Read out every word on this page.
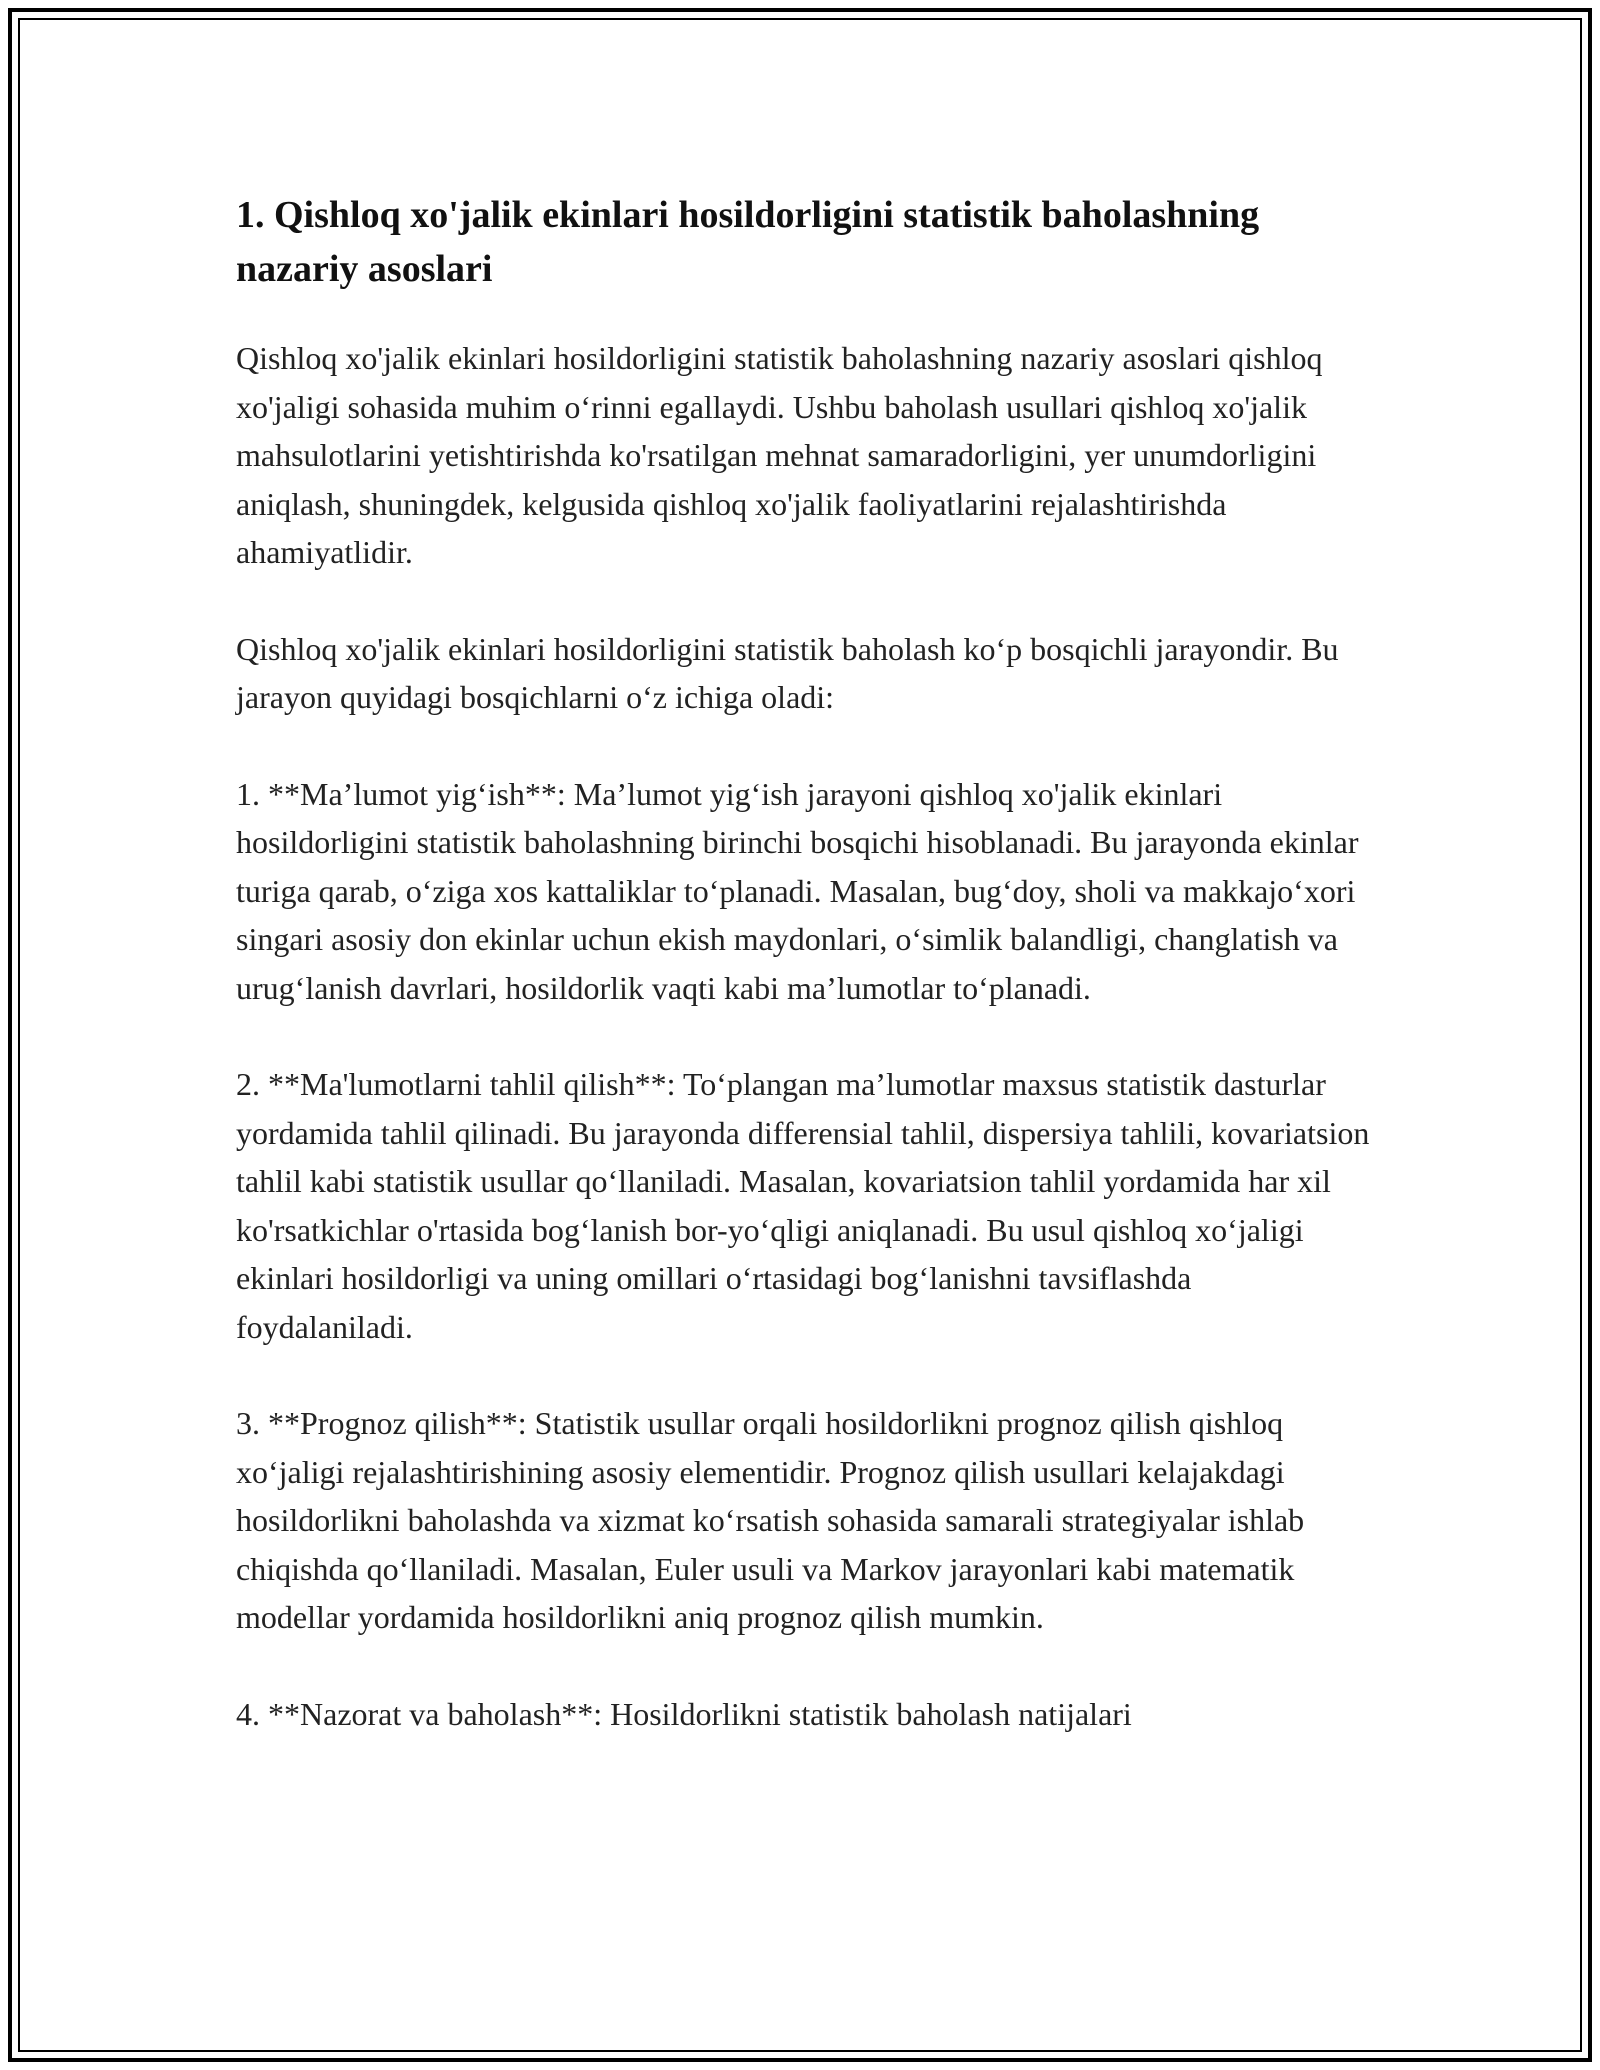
1. Qishloq xo'jalik ekinlari hosildorligini statistik baholashning nazariy asoslari

Qishloq xo'jalik ekinlari hosildorligini statistik baholashning nazariy asoslari qishloq xo'jaligi sohasida muhim o‘rinni egallaydi. Ushbu baholash usullari qishloq xo'jalik mahsulotlarini yetishtirishda ko'rsatilgan mehnat samaradorligini, yer unumdorligini aniqlash, shuningdek, kelgusida qishloq xo'jalik faoliyatlarini rejalashtirishda ahamiyatlidir.

Qishloq xo'jalik ekinlari hosildorligini statistik baholash ko‘p bosqichli jarayondir. Bu jarayon quyidagi bosqichlarni o‘z ichiga oladi:

1. **Ma’lumot yig‘ish**: Ma’lumot yig‘ish jarayoni qishloq xo'jalik ekinlari hosildorligini statistik baholashning birinchi bosqichi hisoblanadi. Bu jarayonda ekinlar turiga qarab, o‘ziga xos kattaliklar to‘planadi. Masalan, bug‘doy, sholi va makkajo‘xori singari asosiy don ekinlar uchun ekish maydonlari, o‘simlik balandligi, changlatish va urug‘lanish davrlari, hosildorlik vaqti kabi ma’lumotlar to‘planadi.

2. **Ma'lumotlarni tahlil qilish**: To‘plangan ma’lumotlar maxsus statistik dasturlar yordamida tahlil qilinadi. Bu jarayonda differensial tahlil, dispersiya tahlili, kovariatsion tahlil kabi statistik usullar qo‘llaniladi. Masalan, kovariatsion tahlil yordamida har xil ko'rsatkichlar o'rtasida bog‘lanish bor-yo‘qligi aniqlanadi. Bu usul qishloq xo‘jaligi ekinlari hosildorligi va uning omillari o‘rtasidagi bog‘lanishni tavsiflashda foydalaniladi.

3. **Prognoz qilish**: Statistik usullar orqali hosildorlikni prognoz qilish qishloq xo‘jaligi rejalashtirishining asosiy elementidir. Prognoz qilish usullari kelajakdagi hosildorlikni baholashda va xizmat ko‘rsatish sohasida samarali strategiyalar ishlab chiqishda qo‘llaniladi. Masalan, Euler usuli va Markov jarayonlari kabi matematik modellar yordamida hosildorlikni aniq prognoz qilish mumkin.

4. **Nazorat va baholash**: Hosildorlikni statistik baholash natijalari
